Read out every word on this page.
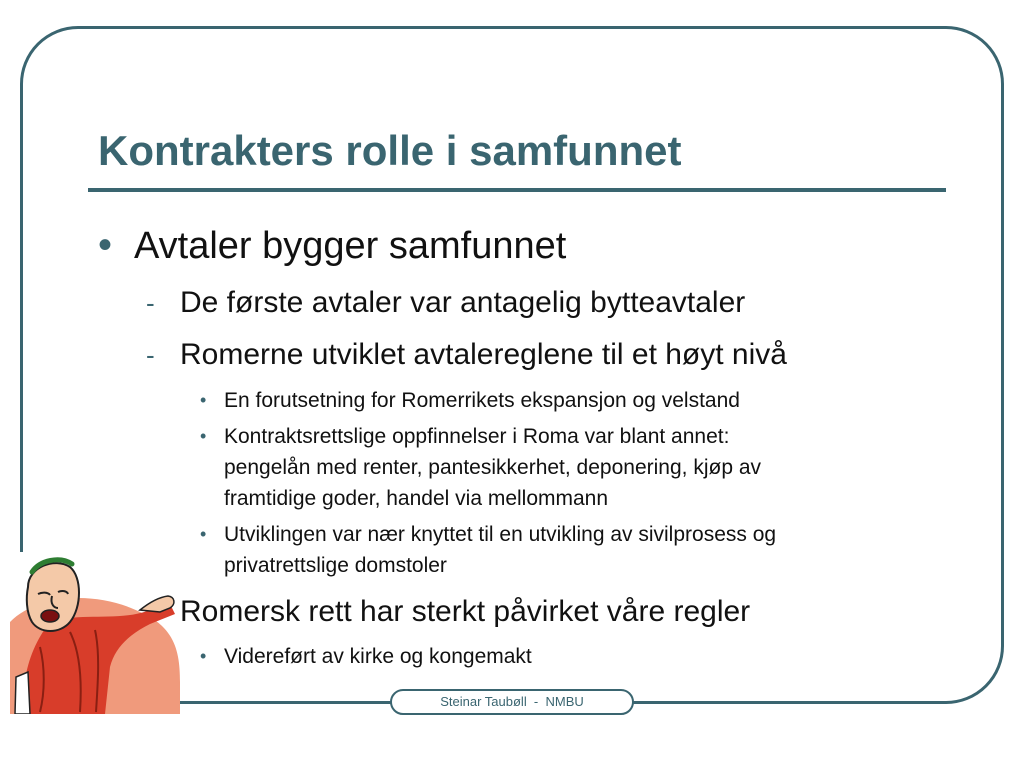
Kontrakters rolle i samfunnet
• Avtaler bygger samfunnet
- De første avtaler var antagelig bytteavtaler
- Romerne utviklet avtalereglene til et høyt nivå
• En forutsetning for Romerrikets ekspansjon og velstand
• Kontraktsrettslige oppfinnelser i Roma var blant annet:
pengelån med renter, pantesikkerhet, deponering, kjøp av
framtidige goder, handel via mellommann
• Utviklingen var nær knyttet til en utvikling av sivilprosess og
privatrettslige domstoler
Romersk rett har sterkt påvirket våre regler
• Videreført av kirke og kongemakt
Steinar Taubøll  -  NMBU
